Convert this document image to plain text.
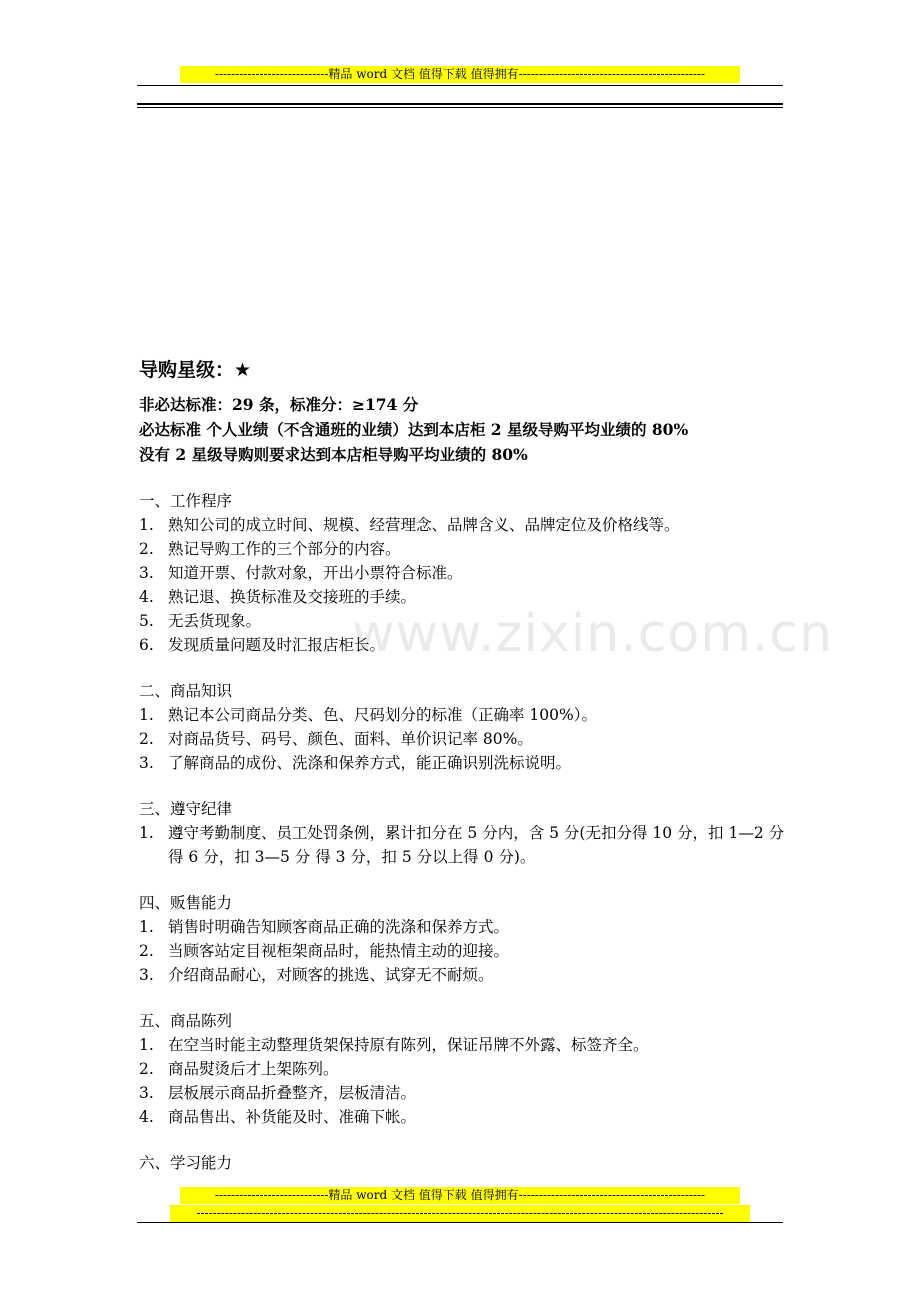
----------------------------精品 word 文档 值得下载 值得拥有----------------------------------------------
www.zixin.com.cn
导购星级：★
非必达标准：29 条，标准分：≥174 分
必达标准 个人业绩（不含通班的业绩）达到本店柜 2 星级导购平均业绩的 80%
没有 2 星级导购则要求达到本店柜导购平均业绩的 80%
一、工作程序
1. 熟知公司的成立时间、规模、经营理念、品牌含义、品牌定位及价格线等。
2. 熟记导购工作的三个部分的内容。
3. 知道开票、付款对象，开出小票符合标准。
4. 熟记退、换货标准及交接班的手续。
5. 无丢货现象。
6. 发现质量问题及时汇报店柜长。
二、商品知识
1. 熟记本公司商品分类、色、尺码划分的标准（正确率 100%）。
2. 对商品货号、码号、颜色、面料、单价识记率 80%。
3. 了解商品的成份、洗涤和保养方式，能正确识别洗标说明。
三、遵守纪律
1. 遵守考勤制度、员工处罚条例，累计扣分在 5 分内，含 5 分(无扣分得 10 分，扣 1—2 分得 6 分，扣 3—5 分 得 3 分，扣 5 分以上得 0 分)。
四、贩售能力
1. 销售时明确告知顾客商品正确的洗涤和保养方式。
2. 当顾客站定目视柜架商品时，能热情主动的迎接。
3. 介绍商品耐心，对顾客的挑选、试穿无不耐烦。
五、商品陈列
1. 在空当时能主动整理货架保持原有陈列，保证吊牌不外露、标签齐全。
2. 商品熨烫后才上架陈列。
3. 层板展示商品折叠整齐，层板清洁。
4. 商品售出、补货能及时、准确下帐。
六、学习能力
----------------------------精品 word 文档 值得下载 值得拥有----------------------------------------------
----------------------------------------------------------------------------------------------------------------------------------
